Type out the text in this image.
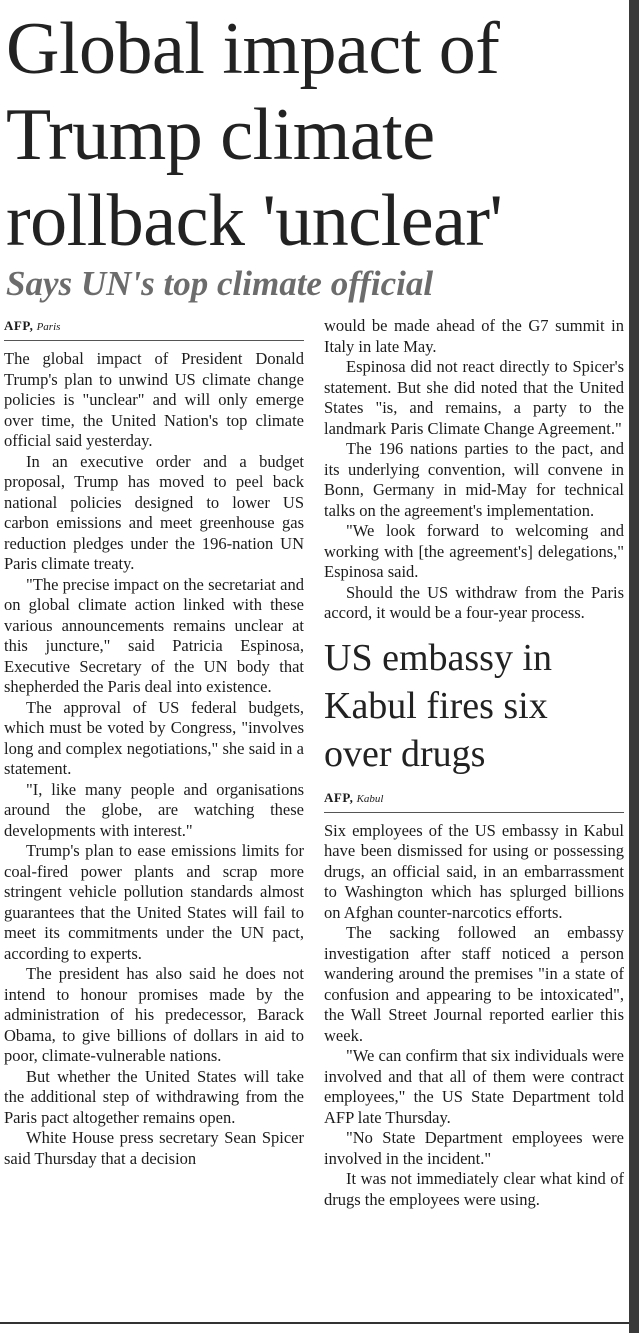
Global impact of Trump climate rollback 'unclear'
Says UN's top climate official
AFP, Paris

The global impact of President Donald Trump's plan to unwind US climate change policies is "unclear" and will only emerge over time, the United Nation's top climate official said yesterday.

In an executive order and a budget proposal, Trump has moved to peel back national policies designed to lower US carbon emissions and meet greenhouse gas reduction pledges under the 196-nation UN Paris climate treaty.

"The precise impact on the secretariat and on global climate action linked with these various announcements remains unclear at this juncture," said Patricia Espinosa, Executive Secretary of the UN body that shepherded the Paris deal into existence.

The approval of US federal budgets, which must be voted by Congress, "involves long and complex negotiations," she said in a statement.

"I, like many people and organisations around the globe, are watching these developments with interest."

Trump's plan to ease emissions limits for coal-fired power plants and scrap more stringent vehicle pollution standards almost guarantees that the United States will fail to meet its commitments under the UN pact, according to experts.

The president has also said he does not intend to honour promises made by the administration of his predecessor, Barack Obama, to give billions of dollars in aid to poor, climate-vulnerable nations.

But whether the United States will take the additional step of withdrawing from the Paris pact altogether remains open.

White House press secretary Sean Spicer said Thursday that a decision

would be made ahead of the G7 summit in Italy in late May.

Espinosa did not react directly to Spicer's statement. But she did noted that the United States "is, and remains, a party to the landmark Paris Climate Change Agreement."

The 196 nations parties to the pact, and its underlying convention, will convene in Bonn, Germany in mid-May for technical talks on the agreement's implementation.

"We look forward to welcoming and working with [the agreement's] delegations," Espinosa said.

Should the US withdraw from the Paris accord, it would be a four-year process.

US embassy in Kabul fires six over drugs
AFP, Kabul

Six employees of the US embassy in Kabul have been dismissed for using or possessing drugs, an official said, in an embarrassment to Washington which has splurged billions on Afghan counter-narcotics efforts.

The sacking followed an embassy investigation after staff noticed a person wandering around the premises "in a state of confusion and appearing to be intoxicated", the Wall Street Journal reported earlier this week.

"We can confirm that six individuals were involved and that all of them were contract employees," the US State Department told AFP late Thursday.

"No State Department employees were involved in the incident."

It was not immediately clear what kind of drugs the employees were using.
